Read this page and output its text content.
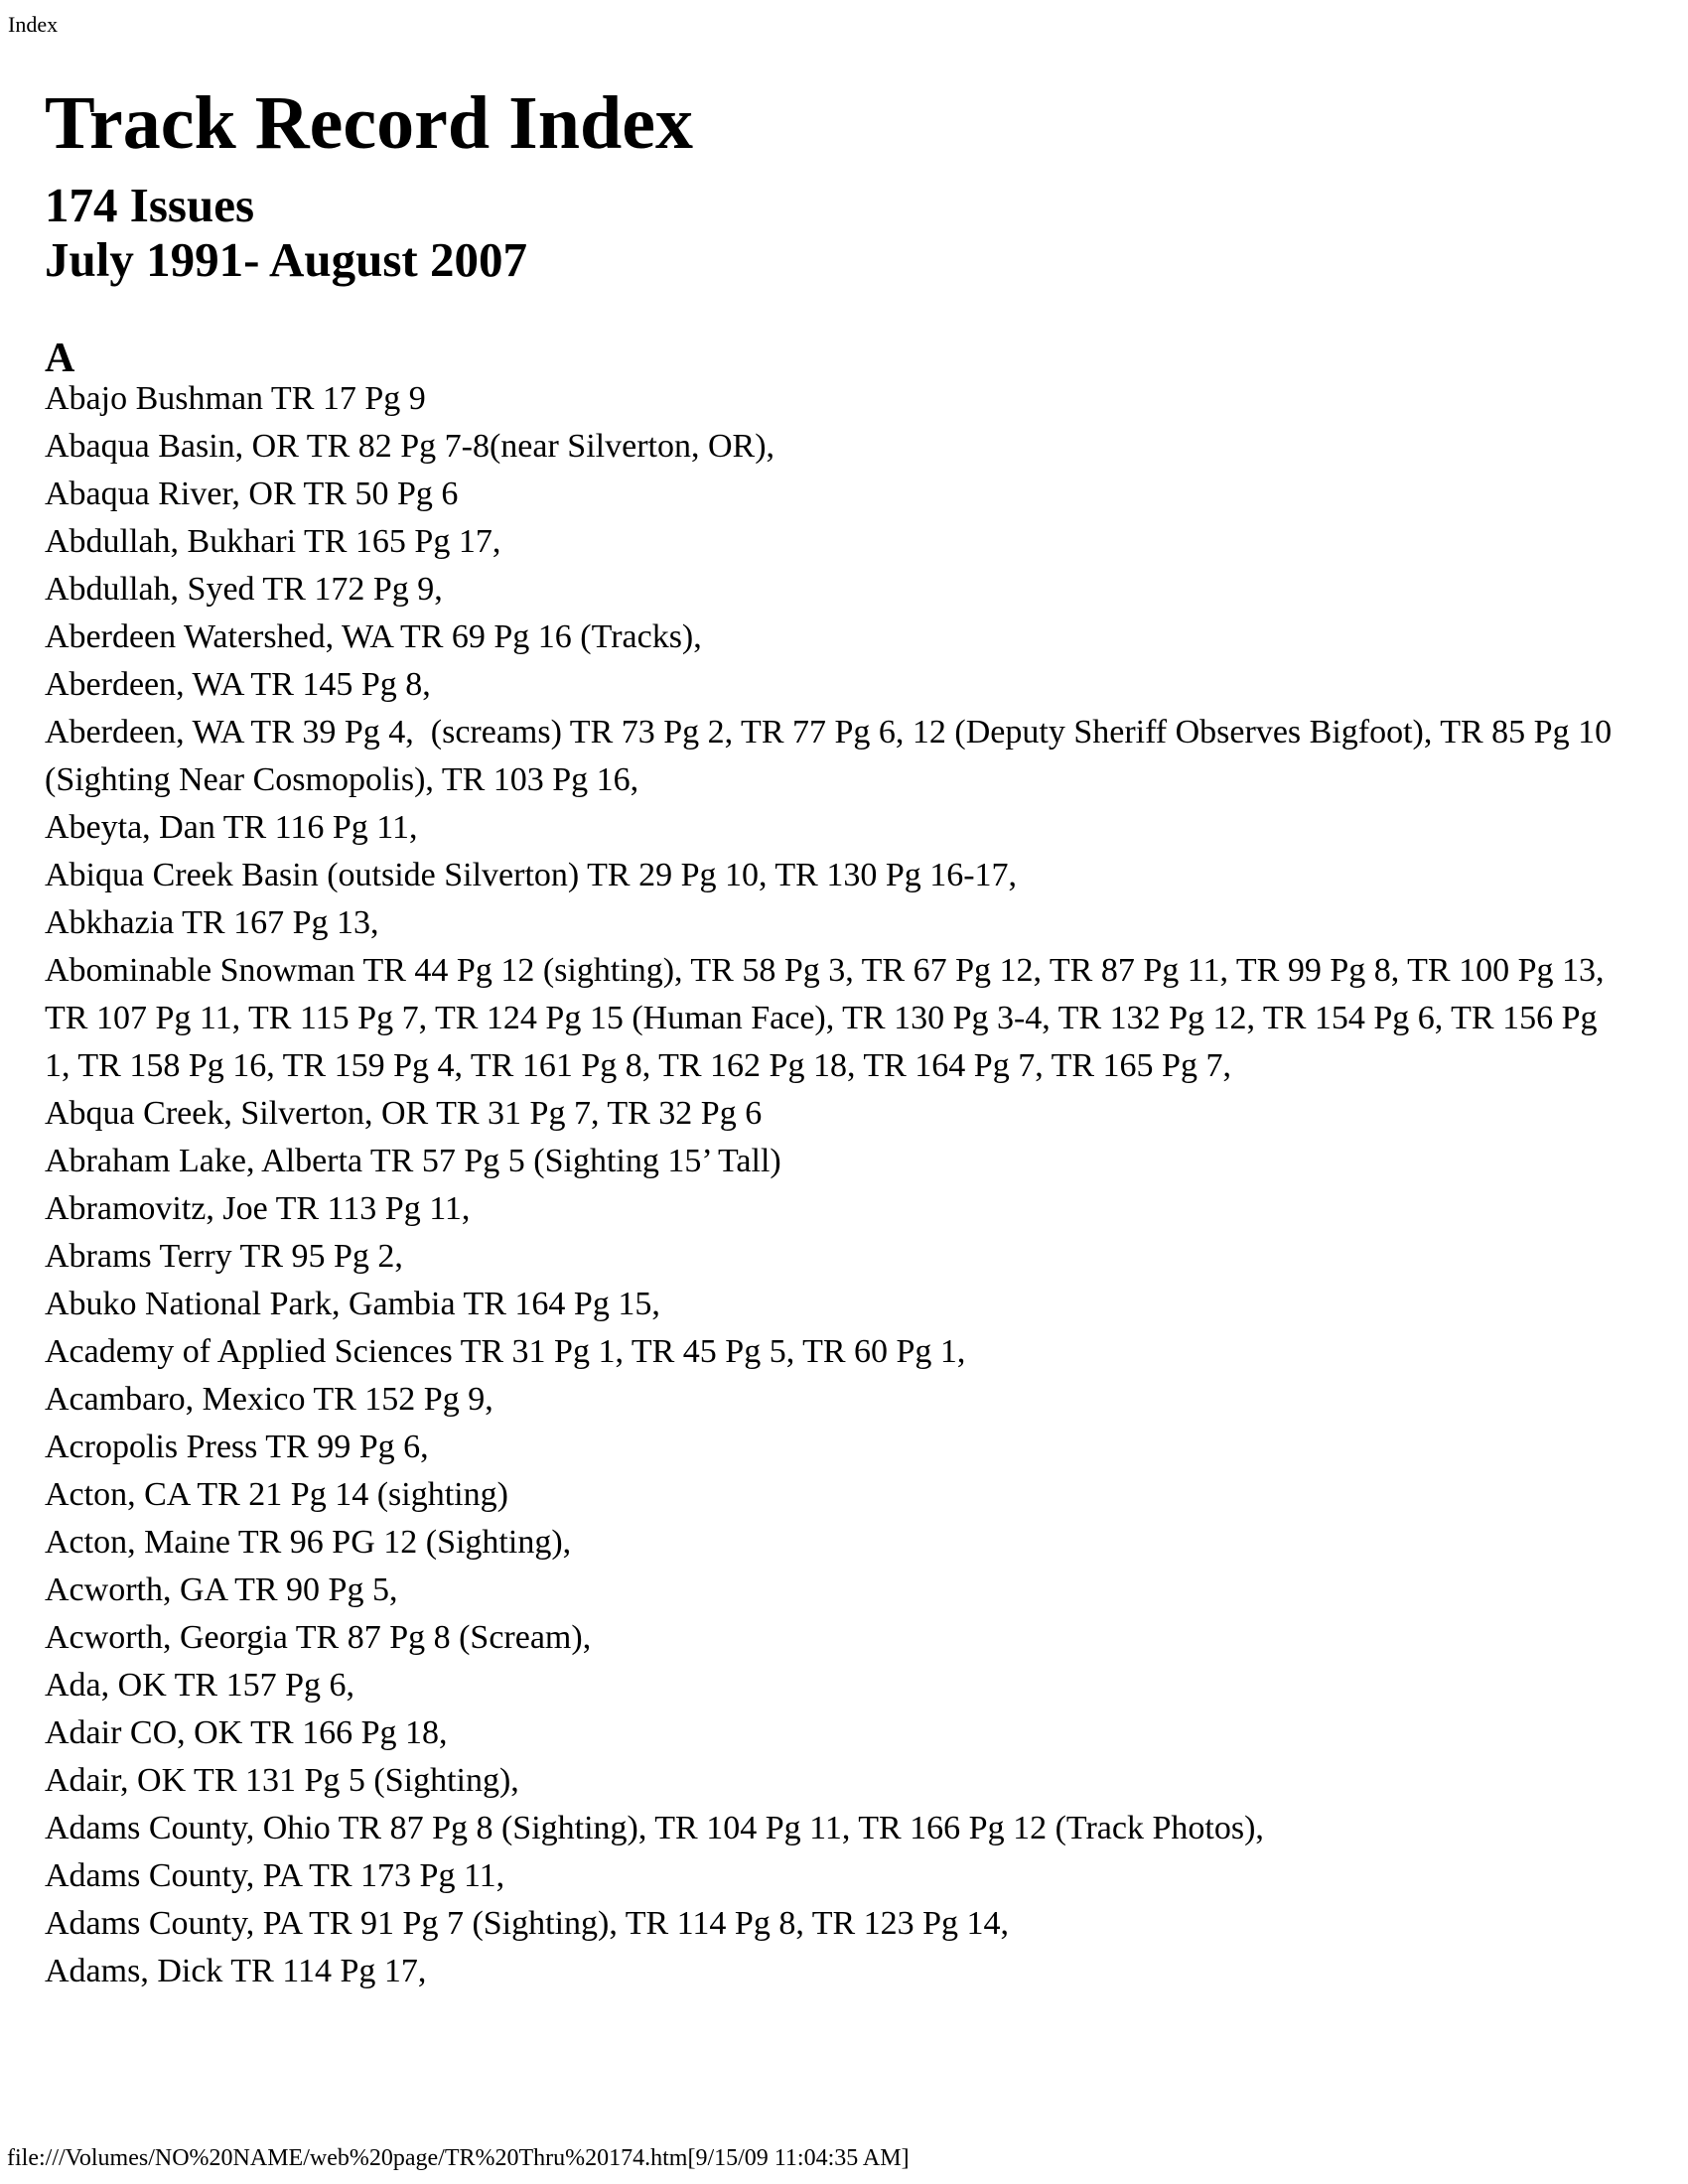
Index
Track Record Index
174 Issues
July 1991- August 2007
A
Abajo Bushman TR 17 Pg 9
Abaqua Basin, OR TR 82 Pg 7-8(near Silverton, OR),
Abaqua River, OR TR 50 Pg 6
Abdullah, Bukhari TR 165 Pg 17,
Abdullah, Syed TR 172 Pg 9,
Aberdeen Watershed, WA TR 69 Pg 16 (Tracks),
Aberdeen, WA TR 145 Pg 8,
Aberdeen, WA TR 39 Pg 4,  (screams) TR 73 Pg 2, TR 77 Pg 6, 12 (Deputy Sheriff Observes Bigfoot), TR 85 Pg 10 (Sighting Near Cosmopolis), TR 103 Pg 16,
Abeyta, Dan TR 116 Pg 11,
Abiqua Creek Basin (outside Silverton) TR 29 Pg 10, TR 130 Pg 16-17,
Abkhazia TR 167 Pg 13,
Abominable Snowman TR 44 Pg 12 (sighting), TR 58 Pg 3, TR 67 Pg 12, TR 87 Pg 11, TR 99 Pg 8, TR 100 Pg 13, TR 107 Pg 11, TR 115 Pg 7, TR 124 Pg 15 (Human Face), TR 130 Pg 3-4, TR 132 Pg 12, TR 154 Pg 6, TR 156 Pg 1, TR 158 Pg 16, TR 159 Pg 4, TR 161 Pg 8, TR 162 Pg 18, TR 164 Pg 7, TR 165 Pg 7,
Abqua Creek, Silverton, OR TR 31 Pg 7, TR 32 Pg 6
Abraham Lake, Alberta TR 57 Pg 5 (Sighting 15’ Tall)
Abramovitz, Joe TR 113 Pg 11,
Abrams Terry TR 95 Pg 2,
Abuko National Park, Gambia TR 164 Pg 15,
Academy of Applied Sciences TR 31 Pg 1, TR 45 Pg 5, TR 60 Pg 1,
Acambaro, Mexico TR 152 Pg 9,
Acropolis Press TR 99 Pg 6,
Acton, CA TR 21 Pg 14 (sighting)
Acton, Maine TR 96 PG 12 (Sighting),
Acworth, GA TR 90 Pg 5,
Acworth, Georgia TR 87 Pg 8 (Scream),
Ada, OK TR 157 Pg 6,
Adair CO, OK TR 166 Pg 18,
Adair, OK TR 131 Pg 5 (Sighting),
Adams County, Ohio TR 87 Pg 8 (Sighting), TR 104 Pg 11, TR 166 Pg 12 (Track Photos),
Adams County, PA TR 173 Pg 11,
Adams County, PA TR 91 Pg 7 (Sighting), TR 114 Pg 8, TR 123 Pg 14,
Adams, Dick TR 114 Pg 17,
file:///Volumes/NO%20NAME/web%20page/TR%20Thru%20174.htm[9/15/09 11:04:35 AM]
